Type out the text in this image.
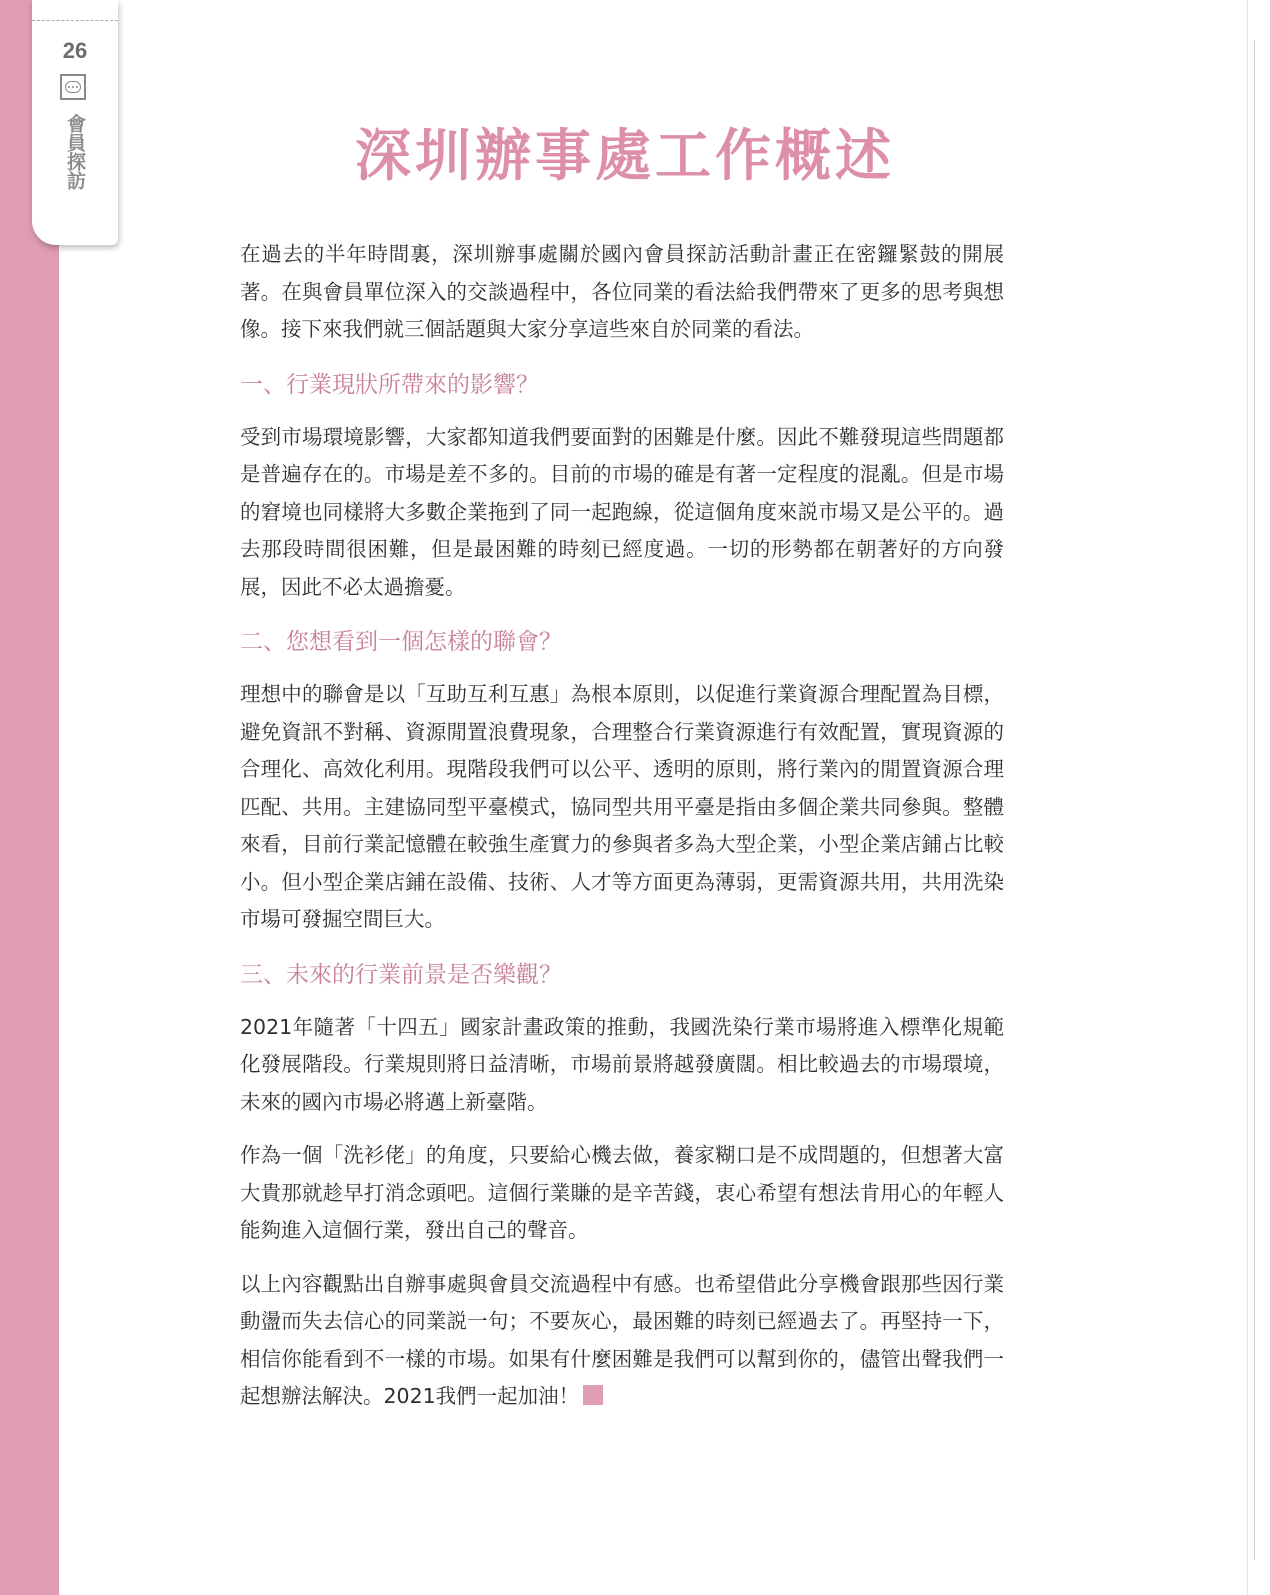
26
會員探訪	深圳辦事處工作概述

在過去的半年時間裏，深圳辦事處關於國內會員探訪活動計畫正在密鑼緊鼓的開展著。在與會員單位深入的交談過程中，各位同業的看法給我們帶來了更多的思考與想像。接下來我們就三個話題與大家分享這些來自於同業的看法。

一、行業現狀所帶來的影響？

受到市場環境影響，大家都知道我們要面對的困難是什麼。因此不難發現這些問題都是普遍存在的。市場是差不多的。目前的市場的確是有著一定程度的混亂。但是市場的窘境也同樣將大多數企業拖到了同一起跑線，從這個角度來説市場又是公平的。過去那段時間很困難，但是最困難的時刻已經度過。一切的形勢都在朝著好的方向發展，因此不必太過擔憂。

二、您想看到一個怎樣的聯會？

理想中的聯會是以「互助互利互惠」為根本原則，以促進行業資源合理配置為目標，避免資訊不對稱、資源閒置浪費現象，合理整合行業資源進行有效配置，實現資源的合理化、高效化利用。現階段我們可以公平、透明的原則，將行業內的閒置資源合理匹配、共用。主建協同型平臺模式，協同型共用平臺是指由多個企業共同參與。整體來看，目前行業記憶體在較強生產實力的參與者多為大型企業，小型企業店鋪占比較小。但小型企業店鋪在設備、技術、人才等方面更為薄弱，更需資源共用，共用洗染市場可發掘空間巨大。

三、未來的行業前景是否樂觀？

2021年隨著「十四五」國家計畫政策的推動，我國洗染行業市場將進入標準化規範化發展階段。行業規則將日益清晰，市場前景將越發廣闊。相比較過去的市場環境，未來的國內市場必將邁上新臺階。

作為一個「洗衫佬」的角度，只要給心機去做，養家糊口是不成問題的，但想著大富大貴那就趁早打消念頭吧。這個行業賺的是辛苦錢，衷心希望有想法肯用心的年輕人能夠進入這個行業，發出自己的聲音。

以上內容觀點出自辦事處與會員交流過程中有感。也希望借此分享機會跟那些因行業動盪而失去信心的同業説一句；不要灰心，最困難的時刻已經過去了。再堅持一下，相信你能看到不一樣的市場。如果有什麼困難是我們可以幫到你的，儘管出聲我們一起想辦法解決。2021我們一起加油！
